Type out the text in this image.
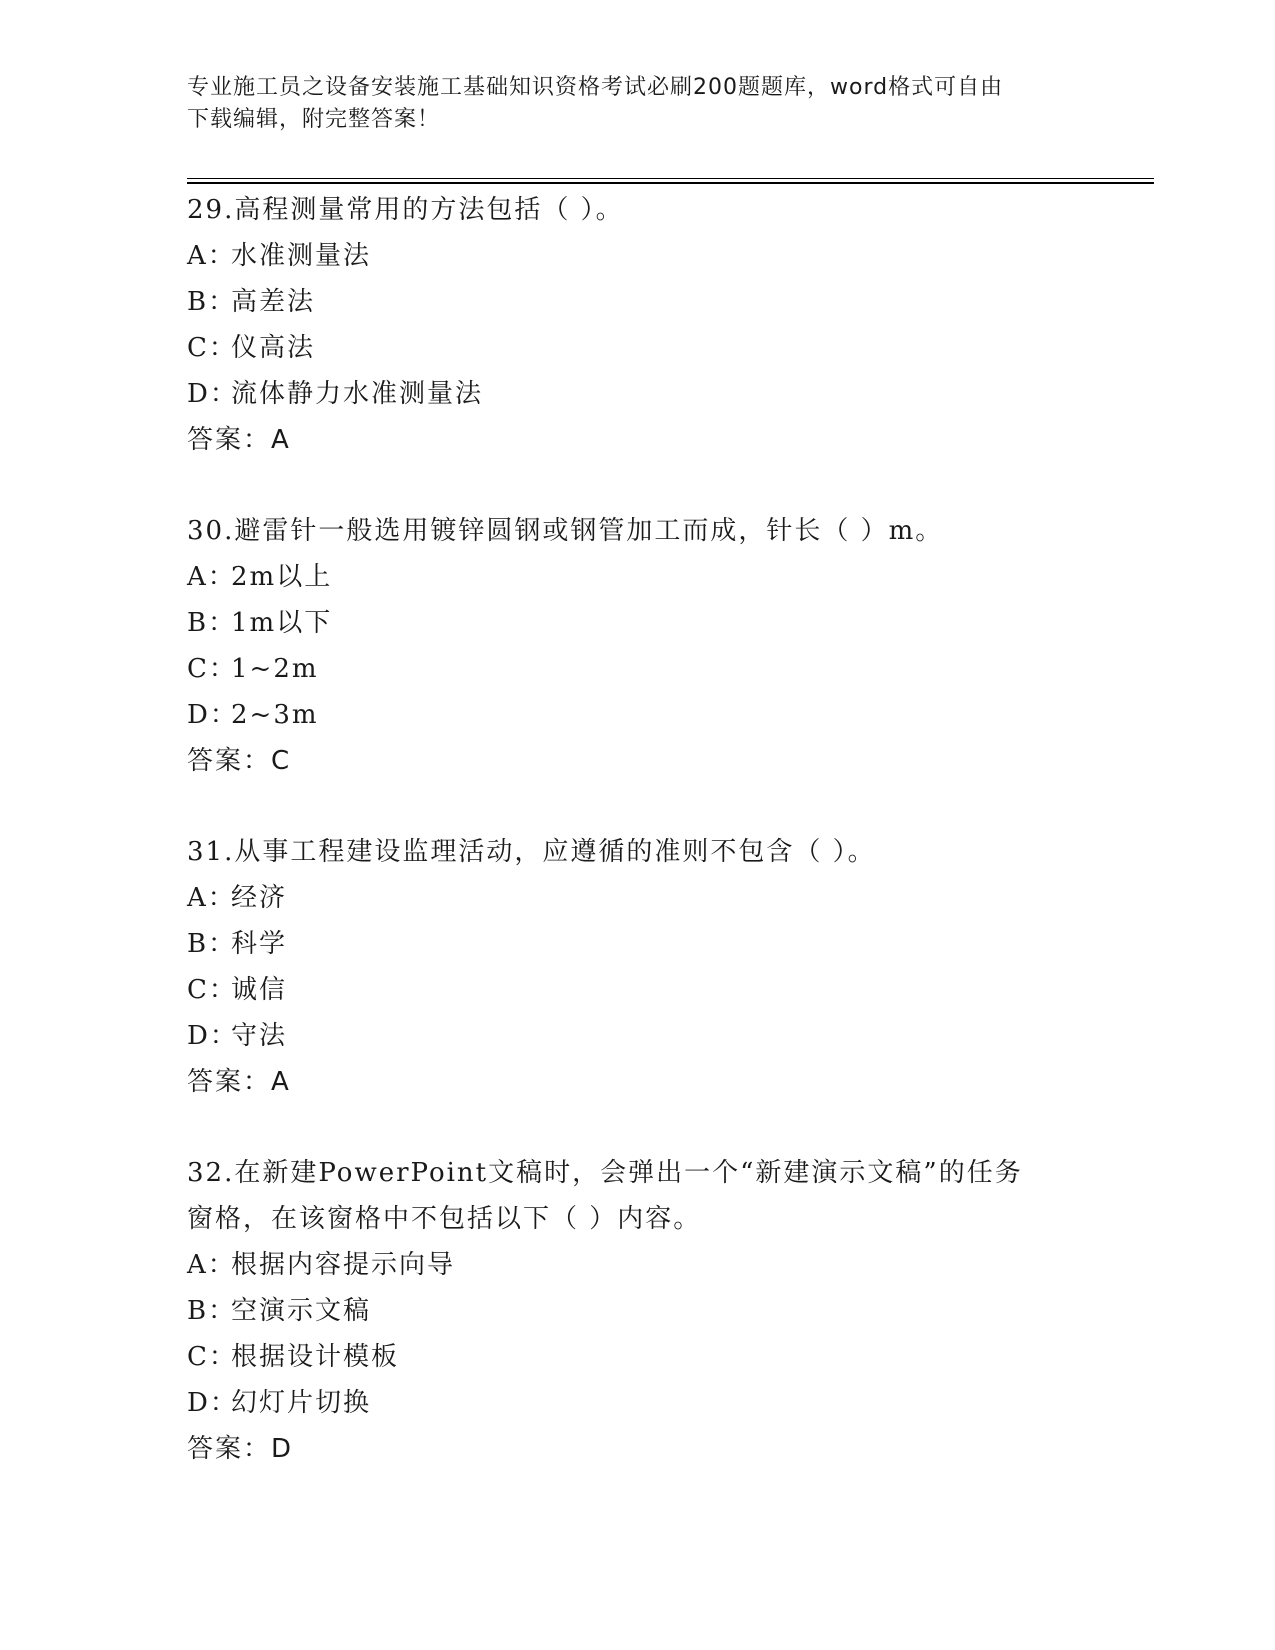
专业施工员之设备安装施工基础知识资格考试必刷200题题库，word格式可自由
下载编辑，附完整答案！
29.高程测量常用的方法包括（ ）。
A：水准测量法
B：高差法
C：仪高法
D：流体静力水准测量法
答案：A
30.避雷针一般选用镀锌圆钢或钢管加工而成，针长（ ）m。
A：2m以上
B：1m以下
C：1~2m
D：2~3m
答案：C
31.从事工程建设监理活动，应遵循的准则不包含（ ）。
A：经济
B：科学
C：诚信
D：守法
答案：A
32.在新建PowerPoint文稿时，会弹出一个“新建演示文稿”的任务
窗格，在该窗格中不包括以下（ ）内容。
A：根据内容提示向导
B：空演示文稿
C：根据设计模板
D：幻灯片切换
答案：D
